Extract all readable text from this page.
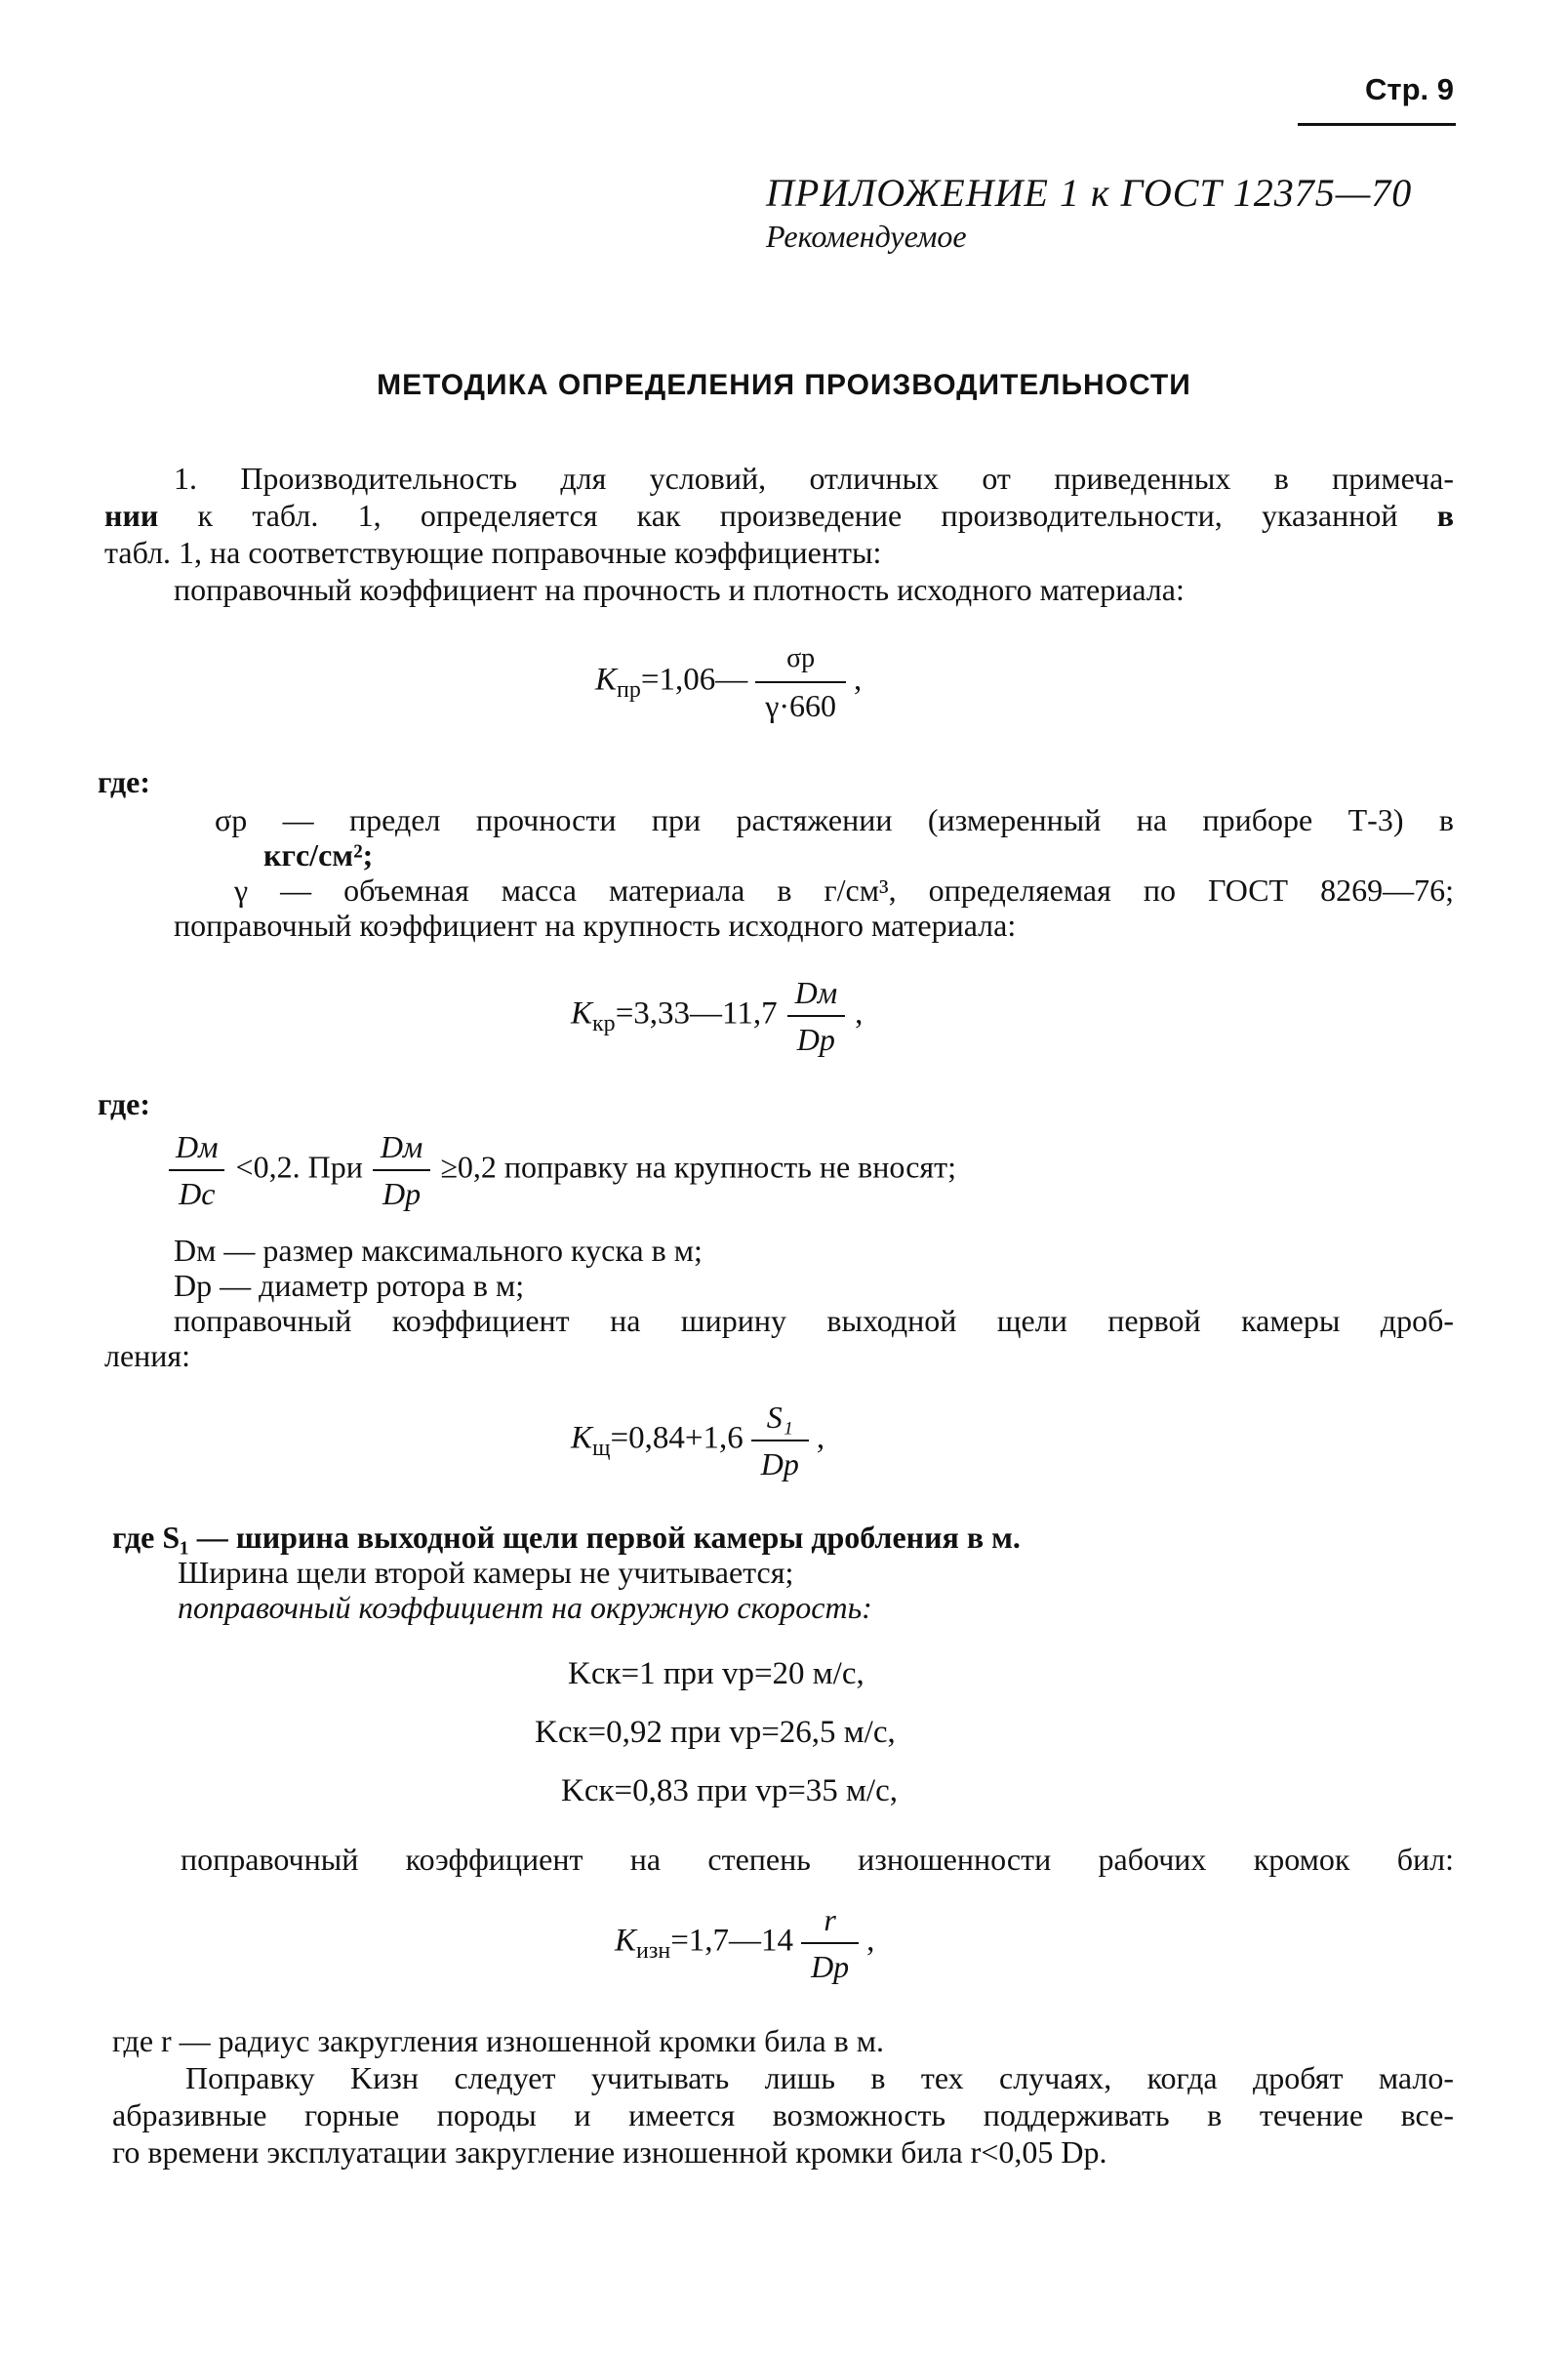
Стр. 9
ПРИЛОЖЕНИЕ 1 к ГОСТ 12375—70
Рекомендуемое
МЕТОДИКА ОПРЕДЕЛЕНИЯ ПРОИЗВОДИТЕЛЬНОСТИ
1. Производительность для условий, отличных от приведенных в примеча-
нии к табл. 1, определяется как произведение производительности, указанной в
табл. 1, на соответствующие поправочные коэффициенты:
поправочный коэффициент на прочность и плотность исходного материала:
$K_{пр}=1,06— \frac{\sigma р}{\gamma\cdot 660}$ ,
где:
σр — предел прочности при растяжении (измеренный на приборе Т-3) в
кгс/см²;
γ — объемная масса материала в г/см³, определяемая по ГОСТ 8269—76;
поправочный коэффициент на крупность исходного материала:
$K_{кр}=3,33—11,7 \frac{Dм}{Dр}$ ,
где:
$\frac{Dм}{Dс} <0,2$. При $\frac{Dм}{Dр} \ge 0,2$ поправку на крупность не вносят;
Dм — размер максимального куска в м;
Dр — диаметр ротора в м;
поправочный коэффициент на ширину выходной щели первой камеры дроб-
ления:
$K_щ=0,84+1,6 \frac{\text{S₁}}{Dр}$ ,
где S₁ — ширина выходной щели первой камеры дробления в м.
Ширина щели второй камеры не учитывается;
поправочный коэффициент на окружную скорость:
Kск=1 при vр=20 м/с,
Kск=0,92 при vр=26,5 м/с,
Kск=0,83 при vр=35 м/с,
поправочный коэффициент на степень изношенности рабочих кромок бил:
$K_{изн}=1,7—14 \frac{r}{Dр}$ ,
где r — радиус закругления изношенной кромки била в м.
Поправку Kизн следует учитывать лишь в тех случаях, когда дробят мало-
абразивные горные породы и имеется возможность поддерживать в течение все-
го времени эксплуатации закругление изношенной кромки била r<0,05 Dр.
